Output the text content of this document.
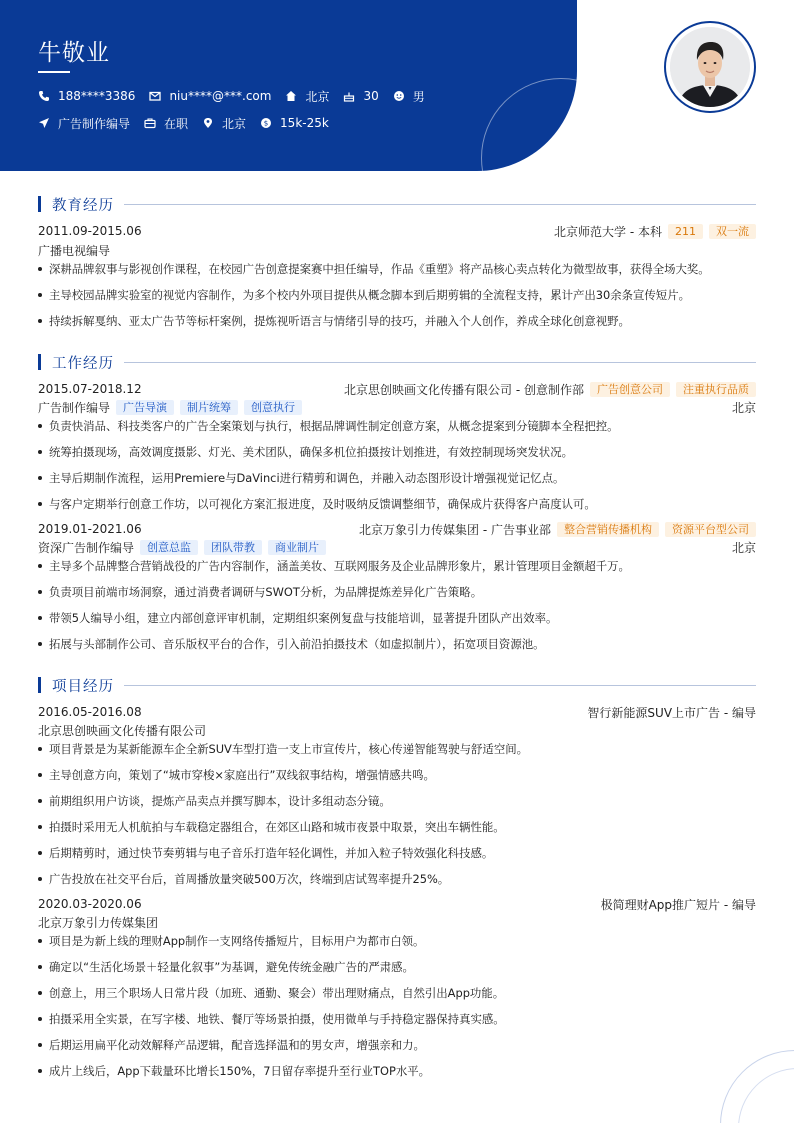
牛敬业
188****3386	niu****@***.com	北京	30	男
广告制作编导	在职	北京	$ 15k-25k
教育经历
2011.09-2015.06	北京师范大学 - 本科	211	双一流
广播电视编导
深耕品牌叙事与影视创作课程，在校园广告创意提案赛中担任编导，作品《重塑》将产品核心卖点转化为微型故事，获得全场大奖。
主导校园品牌实验室的视觉内容制作，为多个校内外项目提供从概念脚本到后期剪辑的全流程支持，累计产出30余条宣传短片。
持续拆解戛纳、亚太广告节等标杆案例，提炼视听语言与情绪引导的技巧，并融入个人创作，养成全球化创意视野。
工作经历
2015.07-2018.12	北京思创映画文化传播有限公司 - 创意制作部	广告创意公司	注重执行品质
广告制作编导	广告导演	制片统筹	创意执行	北京
负责快消品、科技类客户的广告全案策划与执行，根据品牌调性制定创意方案，从概念提案到分镜脚本全程把控。
统筹拍摄现场，高效调度摄影、灯光、美术团队，确保多机位拍摄按计划推进，有效控制现场突发状况。
主导后期制作流程，运用Premiere与DaVinci进行精剪和调色，并融入动态图形设计增强视觉记忆点。
与客户定期举行创意工作坊，以可视化方案汇报进度，及时吸纳反馈调整细节，确保成片获得客户高度认可。
2019.01-2021.06	北京万象引力传媒集团 - 广告事业部	整合营销传播机构	资源平台型公司
资深广告制作编导	创意总监	团队带教	商业制片	北京
主导多个品牌整合营销战役的广告内容制作，涵盖美妆、互联网服务及企业品牌形象片，累计管理项目金额超千万。
负责项目前端市场洞察，通过消费者调研与SWOT分析，为品牌提炼差异化广告策略。
带领5人编导小组，建立内部创意评审机制，定期组织案例复盘与技能培训，显著提升团队产出效率。
拓展与头部制作公司、音乐版权平台的合作，引入前沿拍摄技术（如虚拟制片），拓宽项目资源池。
项目经历
2016.05-2016.08	智行新能源SUV上市广告 - 编导
北京思创映画文化传播有限公司
项目背景是为某新能源车企全新SUV车型打造一支上市宣传片，核心传递智能驾驶与舒适空间。
主导创意方向，策划了“城市穿梭×家庭出行”双线叙事结构，增强情感共鸣。
前期组织用户访谈，提炼产品卖点并撰写脚本，设计多组动态分镜。
拍摄时采用无人机航拍与车载稳定器组合，在郊区山路和城市夜景中取景，突出车辆性能。
后期精剪时，通过快节奏剪辑与电子音乐打造年轻化调性，并加入粒子特效强化科技感。
广告投放在社交平台后，首周播放量突破500万次，终端到店试驾率提升25%。
2020.03-2020.06	极简理财App推广短片 - 编导
北京万象引力传媒集团
项目是为新上线的理财App制作一支网络传播短片，目标用户为都市白领。
确定以“生活化场景＋轻量化叙事”为基调，避免传统金融广告的严肃感。
创意上，用三个职场人日常片段（加班、通勤、聚会）带出理财痛点，自然引出App功能。
拍摄采用全实景，在写字楼、地铁、餐厅等场景拍摄，使用微单与手持稳定器保持真实感。
后期运用扁平化动效解释产品逻辑，配音选择温和的男女声，增强亲和力。
成片上线后，App下载量环比增长150%，7日留存率提升至行业TOP水平。
